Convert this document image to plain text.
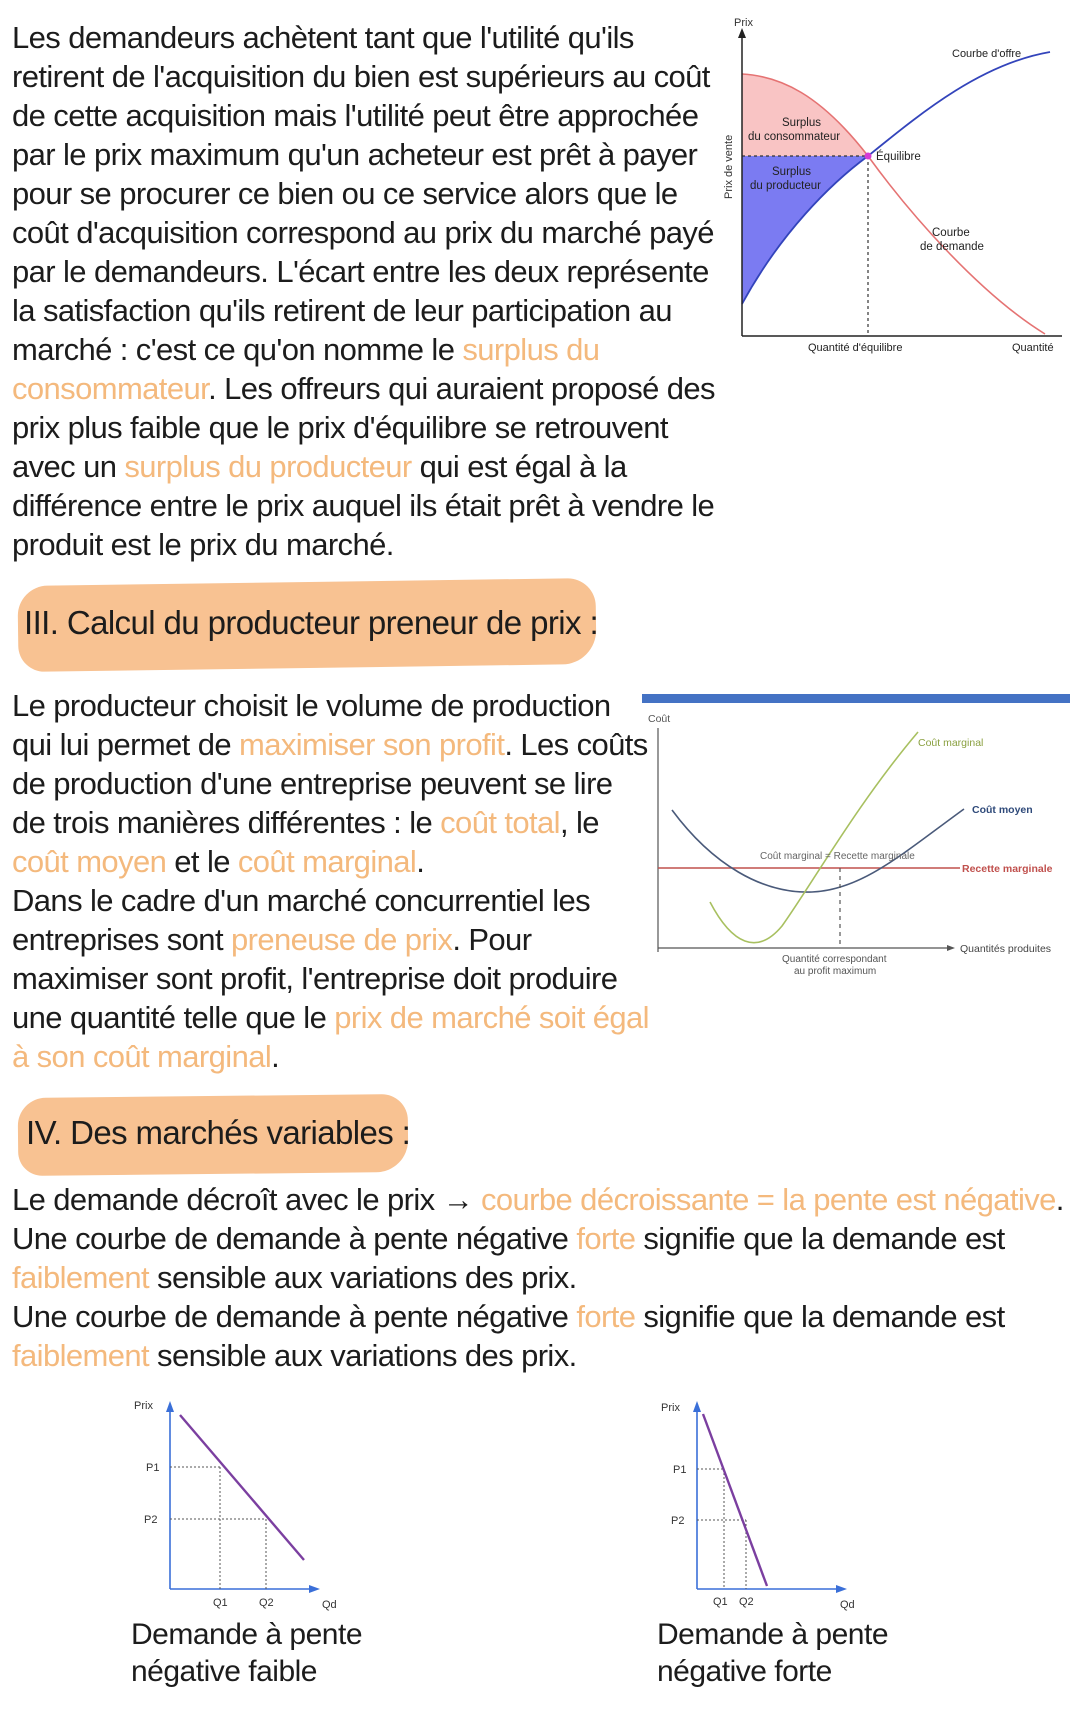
Les demandeurs achètent tant que l'utilité qu'ils retirent de l'acquisition du bien est supérieurs au coût de cette acquisition mais l'utilité peut être approchée par le prix maximum qu'un acheteur est prêt à payer pour se procurer ce bien ou ce service alors que le coût d'acquisition correspond au prix du marché payé par le demandeurs. L'écart entre les deux représente la satisfaction qu'ils retirent de leur participation au marché : c'est ce qu'on nomme le surplus du consommateur. Les offreurs qui auraient proposé des prix plus faible que le prix d'équilibre se retrouvent avec un surplus du producteur qui est égal à la différence entre le prix auquel ils était prêt à vendre le produit est le prix du marché.

Prix
Prix de vente
Courbe d'offre
Surplus
du consommateur
Surplus
du producteur
Équilibre
Courbe
de demande
Quantité d'équilibre	Quantité
III. Calcul du producteur preneur de prix :

Le producteur choisit le volume de production qui lui permet de maximiser son profit. Les coûts de production d'une entreprise peuvent se lire de trois manières différentes : le coût total, le coût moyen et le coût marginal.

Dans le cadre d'un marché concurrentiel les entreprises sont preneuse de prix. Pour maximiser sont profit, l'entreprise doit produire une quantité telle que le prix de marché soit égal à son coût marginal.

Coût
Coût marginal
Coût moyen
Coût marginal = Recette marginale
Recette marginale
Quantités produites
Quantité correspondant
au profit maximum
IV. Des marchés variables :

Le demande décroît avec le prix → courbe décroissante = la pente est négative.

Une courbe de demande à pente négative forte signifie que la demande est faiblement sensible aux variations des prix.

Une courbe de demande à pente négative forte signifie que la demande est faiblement sensible aux variations des prix.

Prix
P1
P2
Q1	Q2	Qd
Demande à pente
négative faible
Prix
P1
P2
Q1 Q2	Qd
Demande à pente
négative forte
